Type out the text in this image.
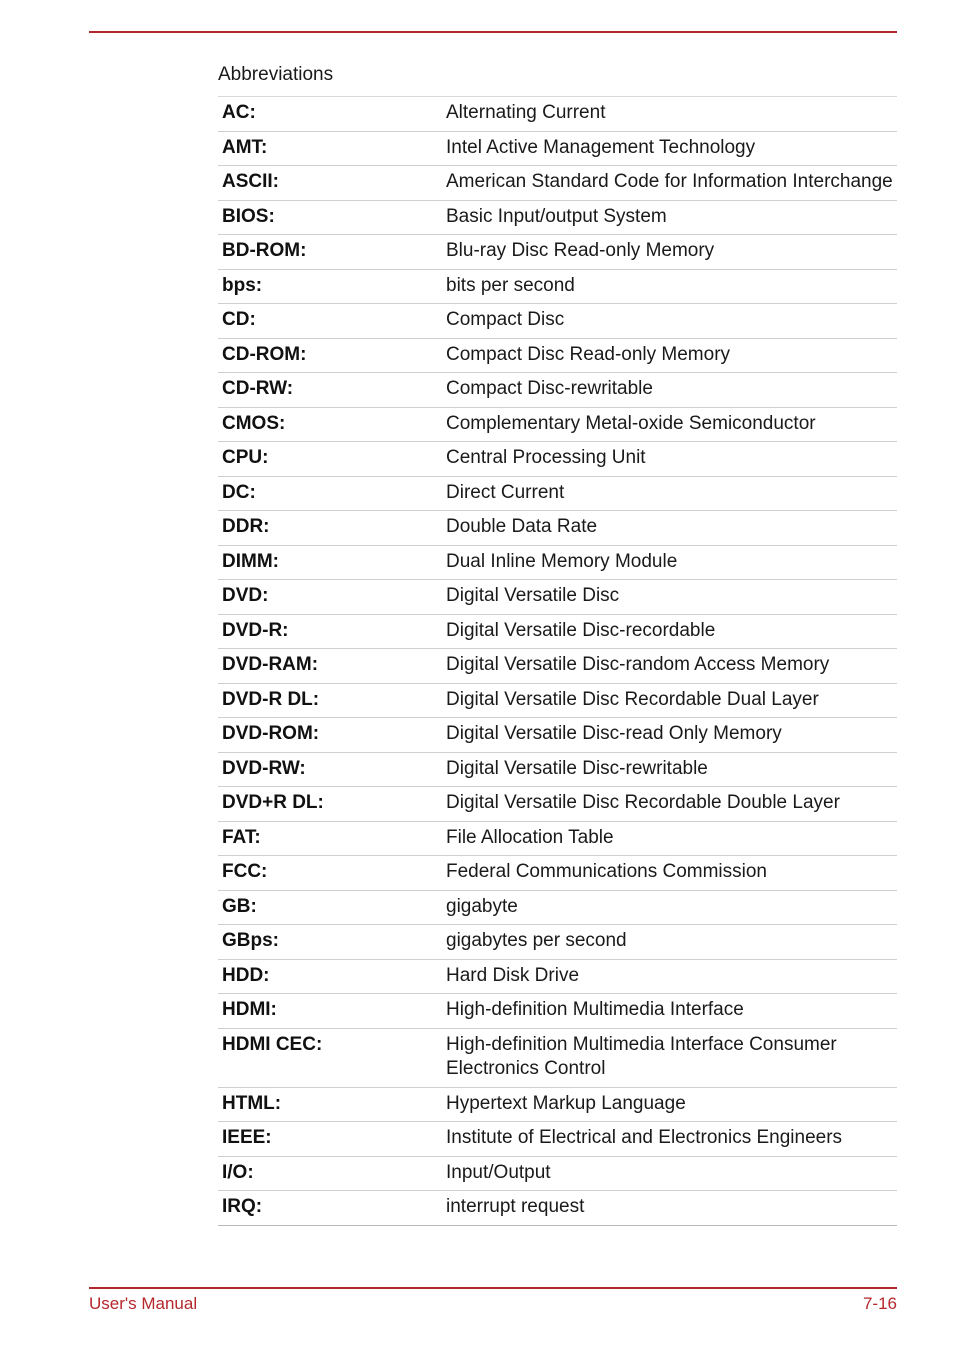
Abbreviations
AC:	Alternating Current
AMT:	Intel Active Management Technology
ASCII:	American Standard Code for Information Interchange
BIOS:	Basic Input/output System
BD-ROM:	Blu-ray Disc Read-only Memory
bps:	bits per second
CD:	Compact Disc
CD-ROM:	Compact Disc Read-only Memory
CD-RW:	Compact Disc-rewritable
CMOS:	Complementary Metal-oxide Semiconductor
CPU:	Central Processing Unit
DC:	Direct Current
DDR:	Double Data Rate
DIMM:	Dual Inline Memory Module
DVD:	Digital Versatile Disc
DVD-R:	Digital Versatile Disc-recordable
DVD-RAM:	Digital Versatile Disc-random Access Memory
DVD-R DL:	Digital Versatile Disc Recordable Dual Layer
DVD-ROM:	Digital Versatile Disc-read Only Memory
DVD-RW:	Digital Versatile Disc-rewritable
DVD+R DL:	Digital Versatile Disc Recordable Double Layer
FAT:	File Allocation Table
FCC:	Federal Communications Commission
GB:	gigabyte
GBps:	gigabytes per second
HDD:	Hard Disk Drive
HDMI:	High-definition Multimedia Interface
HDMI CEC:	High-definition Multimedia Interface Consumer Electronics Control
HTML:	Hypertext Markup Language
IEEE:	Institute of Electrical and Electronics Engineers
I/O:	Input/Output
IRQ:	interrupt request
User's Manual	7-16
